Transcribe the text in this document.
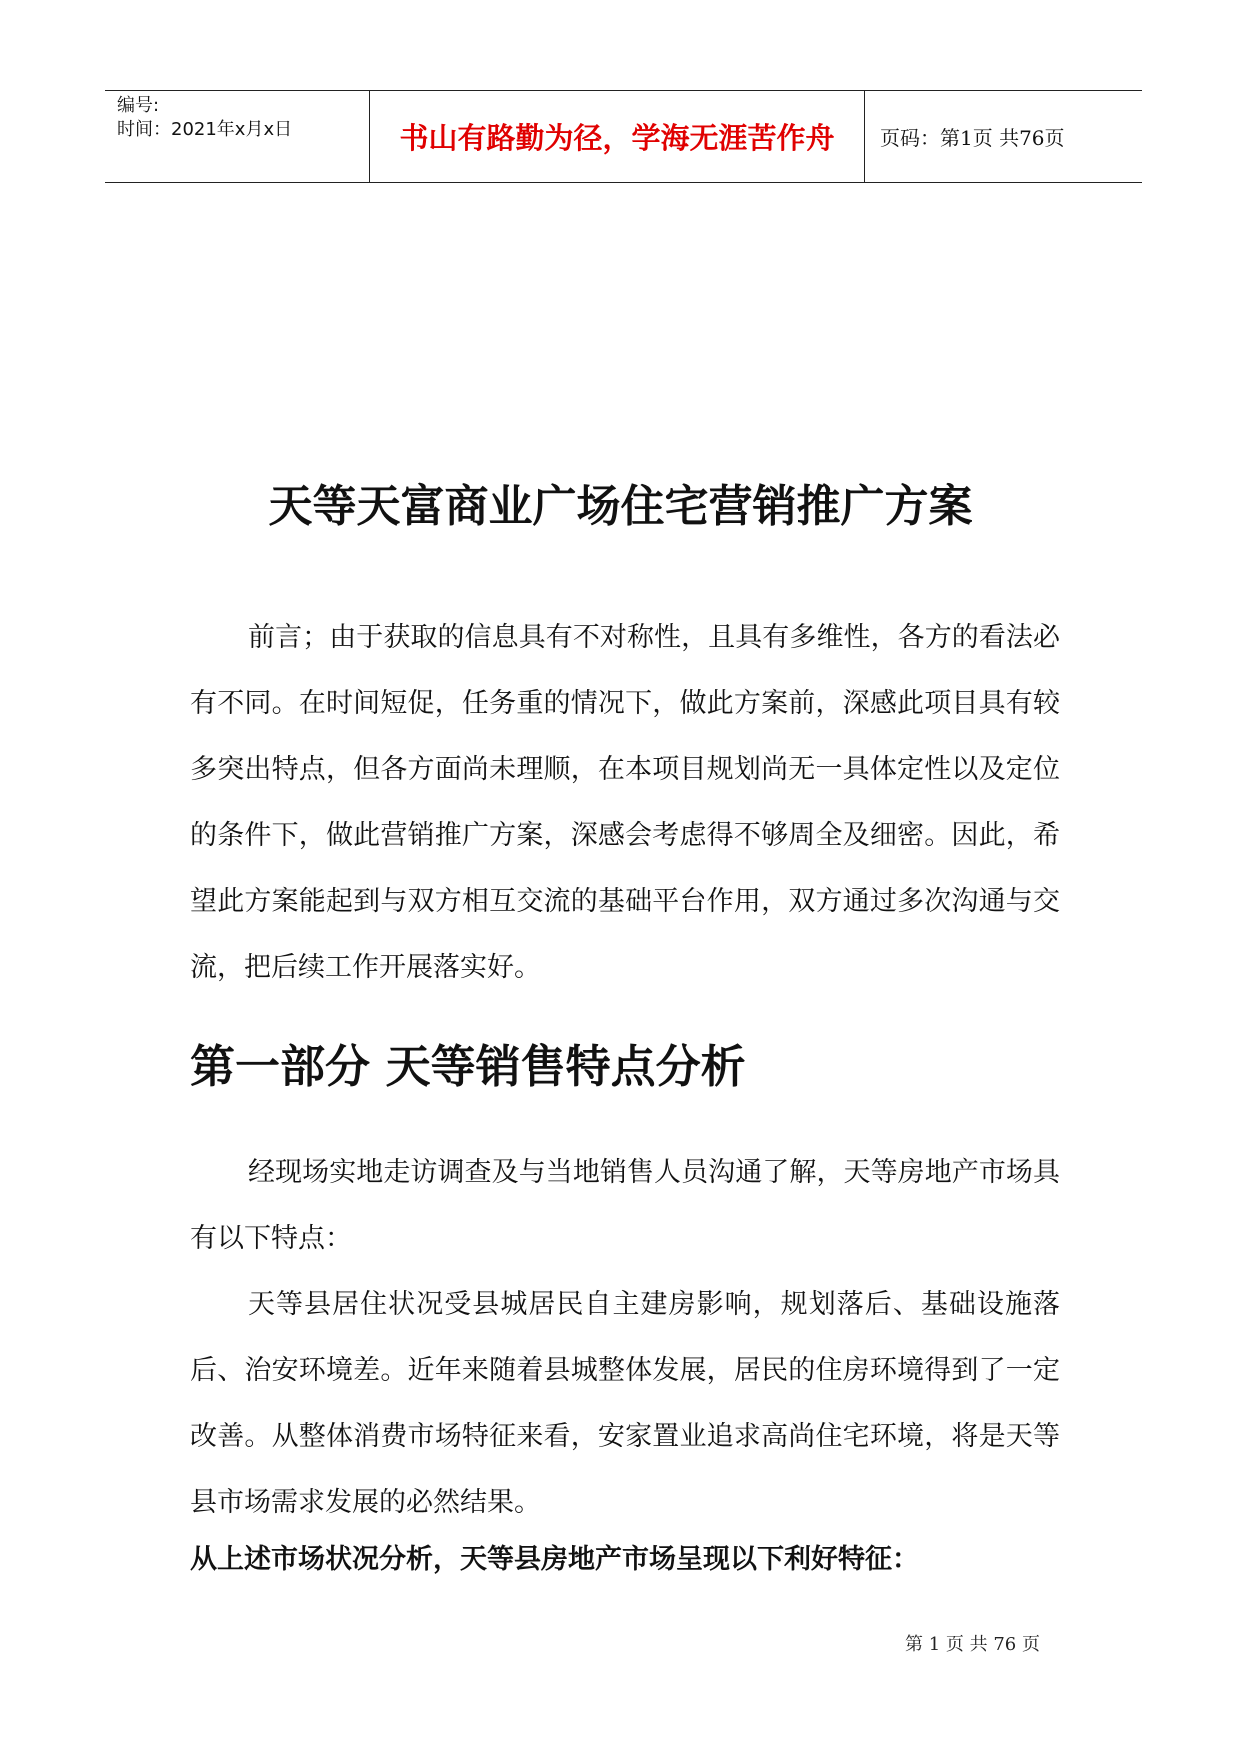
编号:
时间：2021年x月x日	书山有路勤为径，学海无涯苦作舟 页码：第1页 共76页
天等天富商业广场住宅营销推广方案

前言；由于获取的信息具有不对称性，且具有多维性，各方的看法必有不同。在时间短促，任务重的情况下，做此方案前，深感此项目具有较多突出特点，但各方面尚未理顺，在本项目规划尚无一具体定性以及定位的条件下，做此营销推广方案，深感会考虑得不够周全及细密。因此，希望此方案能起到与双方相互交流的基础平台作用，双方通过多次沟通与交流，把后续工作开展落实好。

第一部分 天等销售特点分析

经现场实地走访调查及与当地销售人员沟通了解，天等房地产市场具有以下特点：

天等县居住状况受县城居民自主建房影响，规划落后、基础设施落后、治安环境差。近年来随着县城整体发展，居民的住房环境得到了一定改善。从整体消费市场特征来看，安家置业追求高尚住宅环境，将是天等县市场需求发展的必然结果。

从上述市场状况分析，天等县房地产市场呈现以下利好特征：
第 1 页 共 76 页
